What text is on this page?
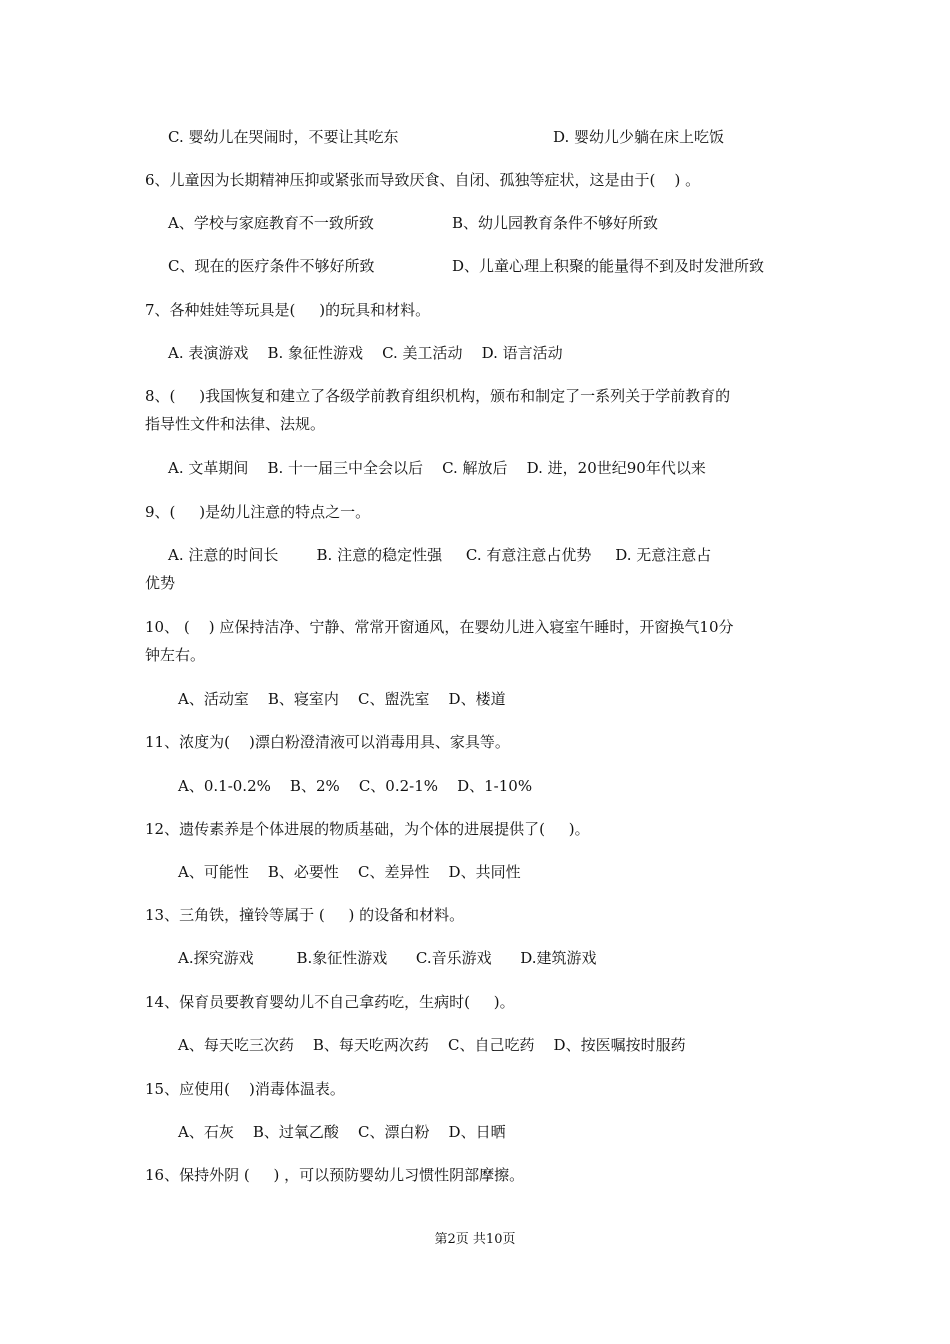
C. 婴幼儿在哭闹时，不要让其吃东	D. 婴幼儿少躺在床上吃饭
6、儿童因为长期精神压抑或紧张而导致厌食、自闭、孤独等症状，这是由于(    ) 。
A、学校与家庭教育不一致所致	B、幼儿园教育条件不够好所致
C、现在的医疗条件不够好所致	D、儿童心理上积聚的能量得不到及时发泄所致
7、各种娃娃等玩具是(     )的玩具和材料。
A. 表演游戏    B. 象征性游戏    C. 美工活动    D. 语言活动
8、(     )我国恢复和建立了各级学前教育组织机构，颁布和制定了一系列关于学前教育的
指导性文件和法律、法规。
A. 文革期间    B. 十一届三中全会以后    C. 解放后    D. 进，20世纪90年代以来
9、(     )是幼儿注意的特点之一。
A. 注意的时间长        B. 注意的稳定性强     C. 有意注意占优势     D. 无意注意占
优势
10、 (    ) 应保持洁净、宁静、常常开窗通风，在婴幼儿进入寝室午睡时，开窗换气10分
钟左右。
A、活动室    B、寝室内    C、盥洗室    D、楼道
11、浓度为(    )漂白粉澄清液可以消毒用具、家具等。
A、0.1-0.2%    B、2%    C、0.2-1%    D、1-10%
12、遗传素养是个体进展的物质基础，为个体的进展提供了(     )。
A、可能性    B、必要性    C、差异性    D、共同性
13、三角铁，撞铃等属于 (     ) 的设备和材料。
A.探究游戏         B.象征性游戏      C.音乐游戏      D.建筑游戏
14、保育员要教育婴幼儿不自己拿药吃，生病时(     )。
A、每天吃三次药    B、每天吃两次药    C、自己吃药    D、按医嘱按时服药
15、应使用(    )消毒体温表。
A、石灰    B、过氧乙酸    C、漂白粉    D、日晒
16、保持外阴 (     ) ，可以预防婴幼儿习惯性阴部摩擦。
第2页 共10页
